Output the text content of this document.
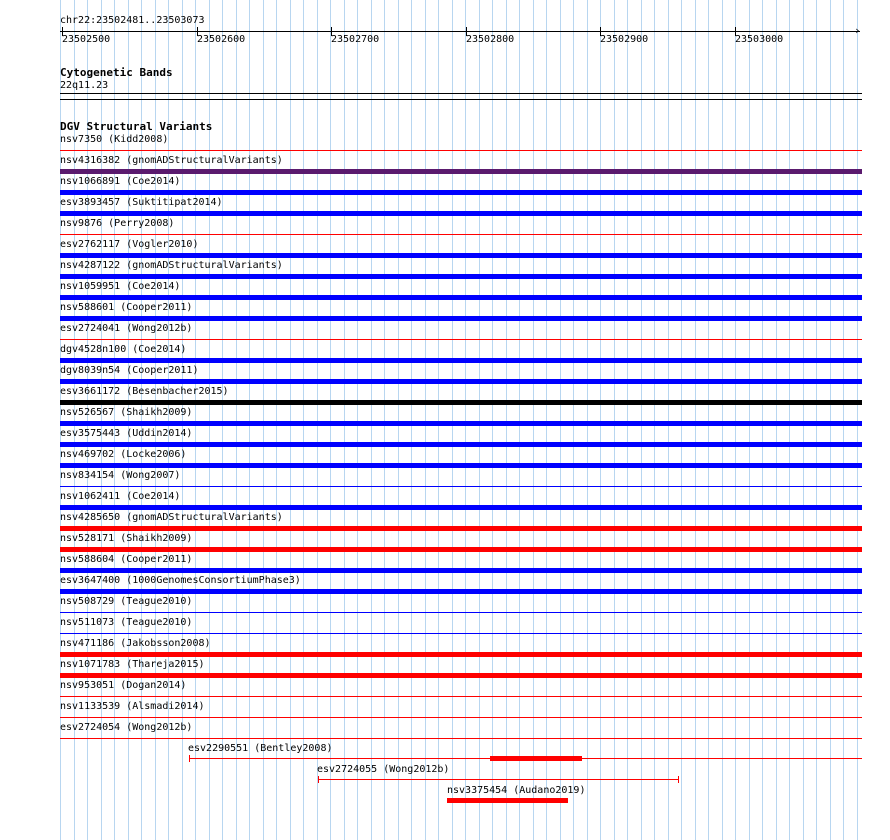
chr22:23502481..23503073
›
23502500	23502600	23502700	23502800	23502900	23503000
Cytogenetic Bands
22q11.23
DGV Structural Variants
nsv7350 (Kidd2008)
nsv4316382 (gnomADStructuralVariants)
nsv1066891 (Coe2014)
esv3893457 (Suktitipat2014)
nsv9876 (Perry2008)
esv2762117 (Vogler2010)
nsv4287122 (gnomADStructuralVariants)
nsv1059951 (Coe2014)
nsv588601 (Cooper2011)
esv2724041 (Wong2012b)
dgv4528n100 (Coe2014)
dgv8039n54 (Cooper2011)
esv3661172 (Besenbacher2015)
nsv526567 (Shaikh2009)
esv3575443 (Uddin2014)
nsv469702 (Locke2006)
nsv834154 (Wong2007)
nsv1062411 (Coe2014)
nsv4285650 (gnomADStructuralVariants)
nsv528171 (Shaikh2009)
nsv588604 (Cooper2011)
esv3647400 (1000GenomesConsortiumPhase3)
nsv508729 (Teague2010)
nsv511073 (Teague2010)
nsv471186 (Jakobsson2008)
nsv1071783 (Thareja2015)
nsv953051 (Dogan2014)
nsv1133539 (Alsmadi2014)
esv2724054 (Wong2012b)
esv2290551 (Bentley2008)
esv2724055 (Wong2012b)
nsv3375454 (Audano2019)
